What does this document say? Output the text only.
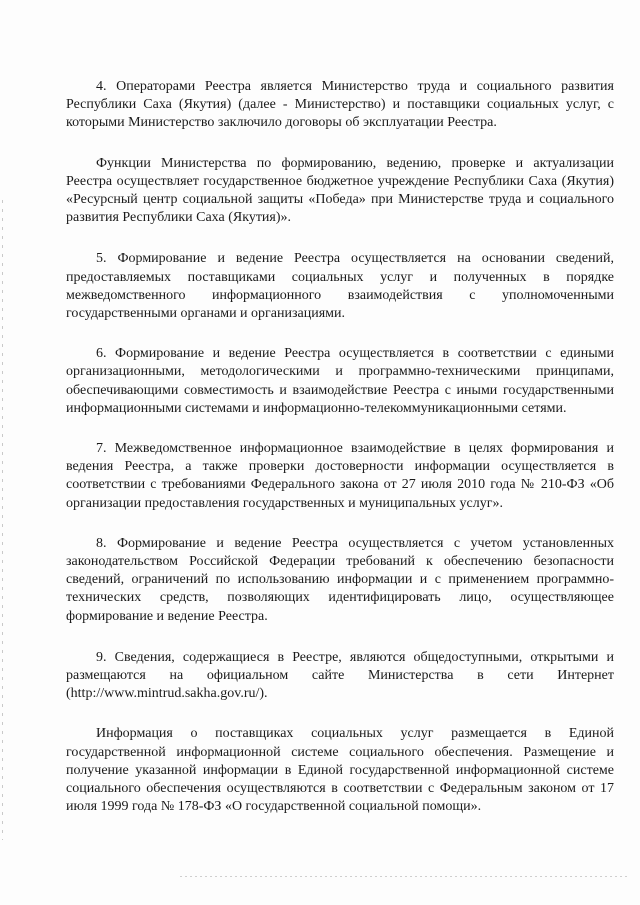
4. Операторами Реестра является Министерство труда и социального развития Республики Саха (Якутия) (далее - Министерство) и поставщики социальных услуг, с которыми Министерство заключило договоры об эксплуатации Реестра.

Функции Министерства по формированию, ведению, проверке и актуализации Реестра осуществляет государственное бюджетное учреждение Республики Саха (Якутия) «Ресурсный центр социальной защиты «Победа» при Министерстве труда и социального развития Республики Саха (Якутия)».

5. Формирование и ведение Реестра осуществляется на основании сведений, предоставляемых поставщиками социальных услуг и полученных в порядке межведомственного информационного взаимодействия с уполномоченными государственными органами и организациями.

6. Формирование и ведение Реестра осуществляется в соответствии с едиными организационными, методологическими и программно-техническими принципами, обеспечивающими совместимость и взаимодействие Реестра с иными государственными информационными системами и информационно-телекоммуникационными сетями.

7. Межведомственное информационное взаимодействие в целях формирования и ведения Реестра, а также проверки достоверности информации осуществляется в соответствии с требованиями Федерального закона от 27 июля 2010 года № 210-ФЗ «Об организации предоставления государственных и муниципальных услуг».

8. Формирование и ведение Реестра осуществляется с учетом установленных законодательством Российской Федерации требований к обеспечению безопасности сведений, ограничений по использованию информации и с применением программно-технических средств, позволяющих идентифицировать лицо, осуществляющее формирование и ведение Реестра.

9. Сведения, содержащиеся в Реестре, являются общедоступными, открытыми и размещаются на официальном сайте Министерства в сети Интернет (http://www.mintrud.sakha.gov.ru/).

Информация о поставщиках социальных услуг размещается в Единой государственной информационной системе социального обеспечения. Размещение и получение указанной информации в Единой государственной информационной системе социального обеспечения осуществляются в соответствии с Федеральным законом от 17 июля 1999 года № 178-ФЗ «О государственной социальной помощи».
